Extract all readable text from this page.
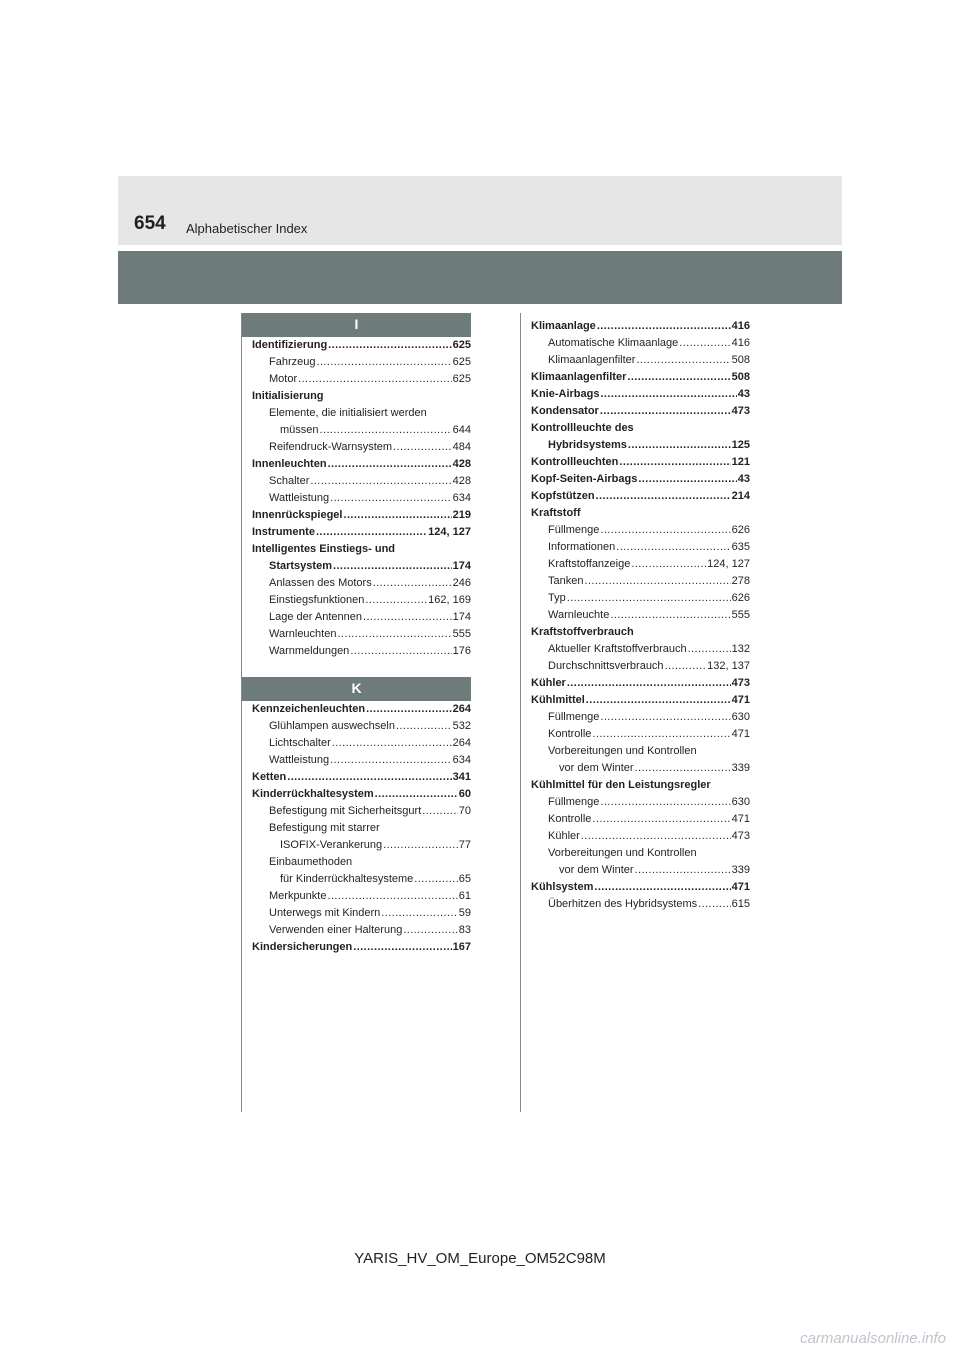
654 Alphabetischer Index
I
Identifizierung .....	625
Fahrzeug .....	625
Motor .....	625
Initialisierung
Elemente, die initialisiert werden
müssen .....	644
Reifendruck-Warnsystem .....	484
Innenleuchten .....	428
Schalter .....	428
Wattleistung .....	634
Innenrückspiegel .....	219
Instrumente .....	124, 127
Intelligentes Einstiegs- und
Startsystem .....	174
Anlassen des Motors .....	246
Einstiegsfunktionen .....	162, 169
Lage der Antennen .....	174
Warnleuchten .....	555
Warnmeldungen .....	176
K
Kennzeichenleuchten .....	264
Glühlampen auswechseln .....	532
Lichtschalter .....	264
Wattleistung .....	634
Ketten .....	341
Kinderrückhaltesystem .....	60
Befestigung mit Sicherheitsgurt .....	70
Befestigung mit starrer
ISOFIX-Verankerung .....	77
Einbaumethoden
für Kinderrückhaltesysteme .....	65
Merkpunkte .....	61
Unterwegs mit Kindern .....	59
Verwenden einer Halterung .....	83
Kindersicherungen .....	167
Klimaanlage .....	416
Automatische Klimaanlage .....	416
Klimaanlagenfilter .....	508
Klimaanlagenfilter .....	508
Knie-Airbags .....	43
Kondensator .....	473
Kontrollleuchte des
Hybridsystems .....	125
Kontrollleuchten .....	121
Kopf-Seiten-Airbags .....	43
Kopfstützen .....	214
Kraftstoff
Füllmenge .....	626
Informationen .....	635
Kraftstoffanzeige .....	124, 127
Tanken .....	278
Typ .....	626
Warnleuchte .....	555
Kraftstoffverbrauch
Aktueller Kraftstoffverbrauch .....	132
Durchschnittsverbrauch .....	132, 137
Kühler .....	473
Kühlmittel .....	471
Füllmenge .....	630
Kontrolle .....	471
Vorbereitungen und Kontrollen
vor dem Winter .....	339
Kühlmittel für den Leistungsregler
Füllmenge .....	630
Kontrolle .....	471
Kühler .....	473
Vorbereitungen und Kontrollen
vor dem Winter .....	339
Kühlsystem .....	471
Überhitzen des Hybridsystems .....	615
YARIS_HV_OM_Europe_OM52C98M
carmanualsonline.info
